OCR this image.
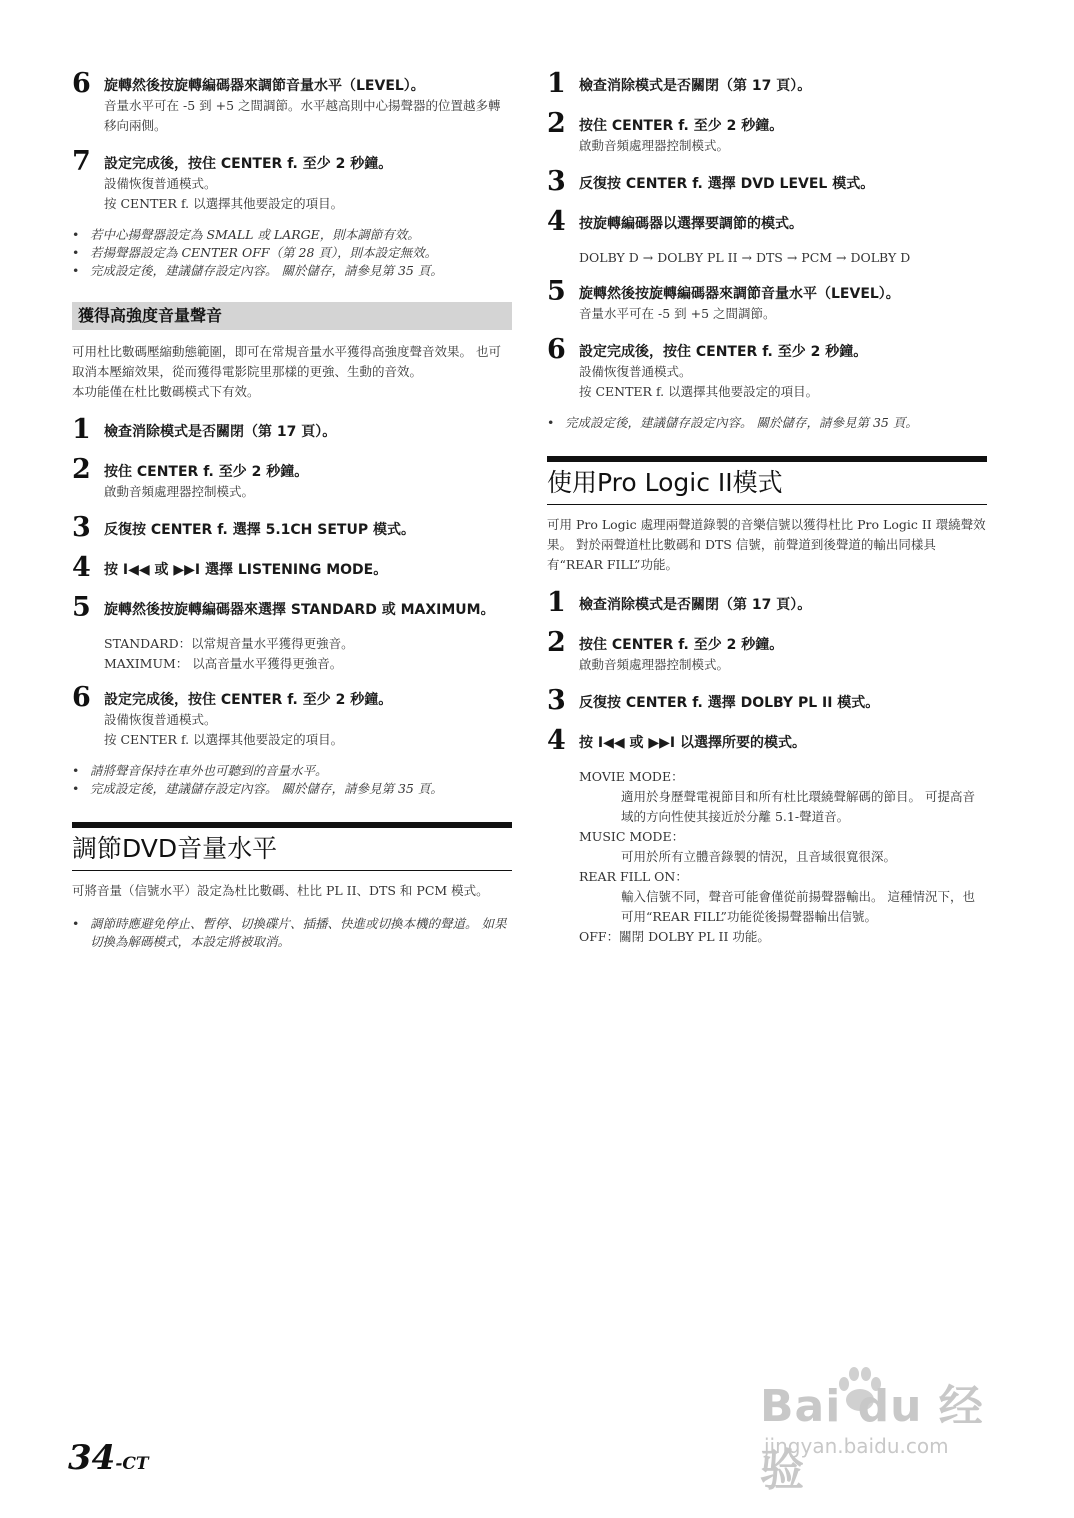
6 旋轉然後按旋轉編碼器來調節音量水平（LEVEL）。
音量水平可在 -5 到 +5 之間調節。水平越高則中心揚聲器的位置越多轉移向兩側。
7 設定完成後，按住 CENTER f. 至少 2 秒鐘。
設備恢復普通模式。
按 CENTER f. 以選擇其他要設定的項目。
• 若中心揚聲器設定為 SMALL 或 LARGE，則本調節有效。
• 若揚聲器設定為 CENTER OFF（第 28 頁），則本設定無效。
• 完成設定後，建議儲存設定內容。 關於儲存，請參見第 35 頁。
獲得高強度音量聲音
可用杜比數碼壓縮動態範圍，即可在常規音量水平獲得高強度聲音效果。 也可取消本壓縮效果，從而獲得電影院里那樣的更強、生動的音效。
本功能僅在杜比數碼模式下有效。
1 檢查消除模式是否關閉（第 17 頁）。
2 按住 CENTER f. 至少 2 秒鐘。
啟動音頻處理器控制模式。
3 反復按 CENTER f. 選擇 5.1CH SETUP 模式。
4 按 I◀◀ 或 ▶▶I 選擇 LISTENING MODE。
5 旋轉然後按旋轉編碼器來選擇 STANDARD 或 MAXIMUM。
STANDARD：以常規音量水平獲得更強音。
MAXIMUM： 以高音量水平獲得更強音。
6 設定完成後，按住 CENTER f. 至少 2 秒鐘。
設備恢復普通模式。
按 CENTER f. 以選擇其他要設定的項目。
• 請將聲音保持在車外也可聽到的音量水平。
• 完成設定後，建議儲存設定內容。 關於儲存，請參見第 35 頁。
調節DVD音量水平
可將音量（信號水平）設定為杜比數碼、杜比 PL II、DTS 和 PCM 模式。
• 調節時應避免停止、暫停、切換碟片、插播、快進或切換本機的聲道。 如果切換為解碼模式，本設定將被取消。
1 檢查消除模式是否關閉（第 17 頁）。
2 按住 CENTER f. 至少 2 秒鐘。
啟動音頻處理器控制模式。
3 反復按 CENTER f. 選擇 DVD LEVEL 模式。
4 按旋轉編碼器以選擇要調節的模式。
DOLBY D → DOLBY PL II → DTS → PCM → DOLBY D
5 旋轉然後按旋轉編碼器來調節音量水平（LEVEL）。
音量水平可在 -5 到 +5 之間調節。
6 設定完成後，按住 CENTER f. 至少 2 秒鐘。
設備恢復普通模式。
按 CENTER f. 以選擇其他要設定的項目。
• 完成設定後，建議儲存設定內容。 關於儲存，請參見第 35 頁。
使用Pro Logic II模式
可用 Pro Logic 處理兩聲道錄製的音樂信號以獲得杜比 Pro Logic II 環繞聲效果。 對於兩聲道杜比數碼和 DTS 信號，前聲道到後聲道的輸出同樣具有“REAR FILL”功能。
1 檢查消除模式是否關閉（第 17 頁）。
2 按住 CENTER f. 至少 2 秒鐘。
啟動音頻處理器控制模式。
3 反復按 CENTER f. 選擇 DOLBY PL II 模式。
4 按 I◀◀ 或 ▶▶I 以選擇所要的模式。
MOVIE MODE：
適用於身歷聲電視節目和所有杜比環繞聲解碼的節目。 可提高音域的方向性使其接近於分離 5.1-聲道音。
MUSIC MODE：
可用於所有立體音錄製的情況，且音域很寬很深。
REAR FILL ON：
輸入信號不同，聲音可能會僅從前揚聲器輸出。 這種情況下，也可用“REAR FILL”功能從後揚聲器輸出信號。
OFF：關閉 DOLBY PL II 功能。
34-CT
Bai du 经验
jingyan.baidu.com
